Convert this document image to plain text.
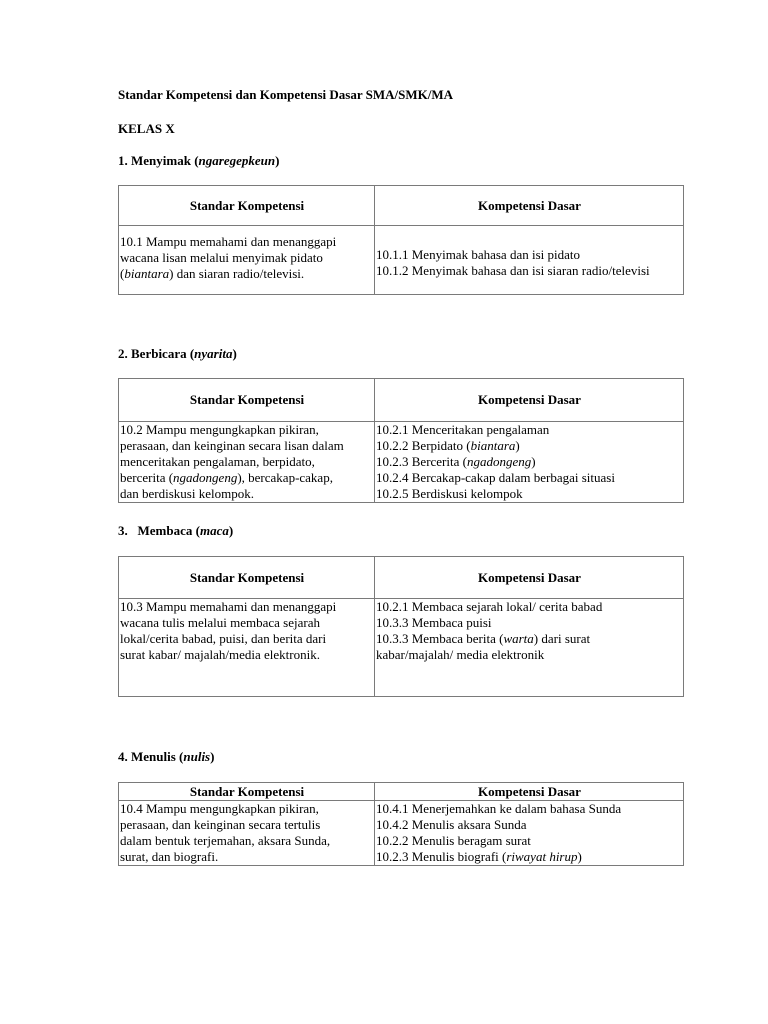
Standar Kompetensi dan Kompetensi Dasar SMA/SMK/MA
KELAS X
1. Menyimak (ngaregepkeun)
Standar Kompetensi	Kompetensi Dasar

10.1 Mampu memahami dan menanggapi
wacana lisan melalui menyimak pidato
(biantara) dan siaran radio/televisi.	10.1.1 Menyimak bahasa dan isi pidato
10.1.2 Menyimak bahasa dan isi siaran radio/televisi
2. Berbicara (nyarita)
Standar Kompetensi	Kompetensi Dasar

10.2 Mampu mengungkapkan pikiran,
perasaan, dan keinginan secara lisan dalam
menceritakan pengalaman, berpidato,
bercerita (ngadongeng), bercakap-cakap,
dan berdiskusi kelompok.	10.2.1 Menceritakan pengalaman
10.2.2 Berpidato (biantara)
10.2.3 Bercerita (ngadongeng)
10.2.4 Bercakap-cakap dalam berbagai situasi
10.2.5 Berdiskusi kelompok
3.   Membaca (maca)
Standar Kompetensi	Kompetensi Dasar

10.3 Mampu memahami dan menanggapi
wacana tulis melalui membaca sejarah
lokal/cerita babad, puisi, dan berita dari
surat kabar/ majalah/media elektronik.	10.2.1 Membaca sejarah lokal/ cerita babad
10.3.3 Membaca puisi
10.3.3 Membaca berita (warta) dari surat
kabar/majalah/ media elektronik
4. Menulis (nulis)
Standar Kompetensi	Kompetensi Dasar

10.4 Mampu mengungkapkan pikiran,
perasaan, dan keinginan secara tertulis
dalam bentuk terjemahan, aksara Sunda,
surat, dan biografi.	10.4.1 Menerjemahkan ke dalam bahasa Sunda
10.4.2 Menulis aksara Sunda
10.2.2 Menulis beragam surat
10.2.3 Menulis biografi (riwayat hirup)
